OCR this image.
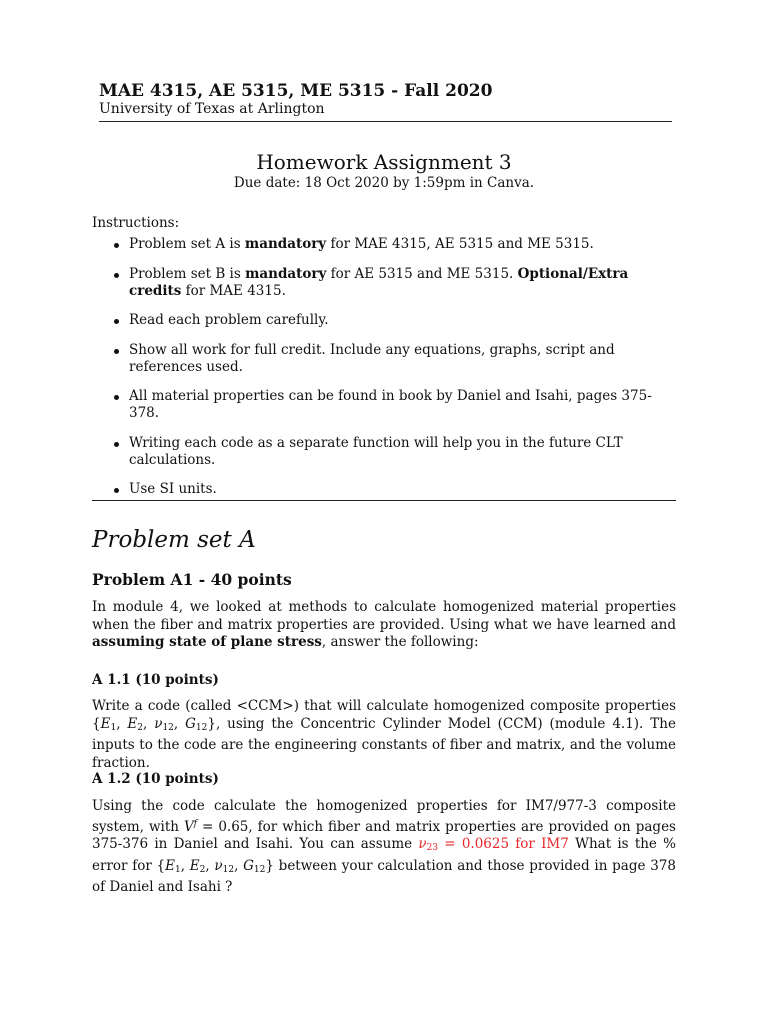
MAE 4315, AE 5315, ME 5315 - Fall 2020
University of Texas at Arlington
Homework Assignment 3
Due date: 18 Oct 2020 by 1:59pm in Canva.
Instructions:
Problem set A is mandatory for MAE 4315, AE 5315 and ME 5315.
Problem set B is mandatory for AE 5315 and ME 5315. Optional/Extra credits for MAE 4315.
Read each problem carefully.
Show all work for full credit. Include any equations, graphs, script and references used.
All material properties can be found in book by Daniel and Isahi, pages 375-378.
Writing each code as a separate function will help you in the future CLT calculations.
Use SI units.
Problem set A
Problem A1 - 40 points
In module 4, we looked at methods to calculate homogenized material properties when the fiber and matrix properties are provided. Using what we have learned and assuming state of plane stress, answer the following:
A 1.1 (10 points)
Write a code (called <CCM>) that will calculate homogenized composite properties {$E_1$, $E_2$, $\nu_{12}$, $G_{12}$}, using the Concentric Cylinder Model (CCM) (module 4.1). The inputs to the code are the engineering constants of fiber and matrix, and the volume fraction.
A 1.2 (10 points)
Using the code calculate the homogenized properties for IM7/977-3 composite system, with $V^f = 0.65$, for which fiber and matrix properties are provided on pages 375-376 in Daniel and Isahi. You can assume $\nu_{23} = 0.0625$ for IM7 What is the % error for {$E_1$, $E_2$, $\nu_{12}$, $G_{12}$} between your calculation and those provided in page 378 of Daniel and Isahi ?
